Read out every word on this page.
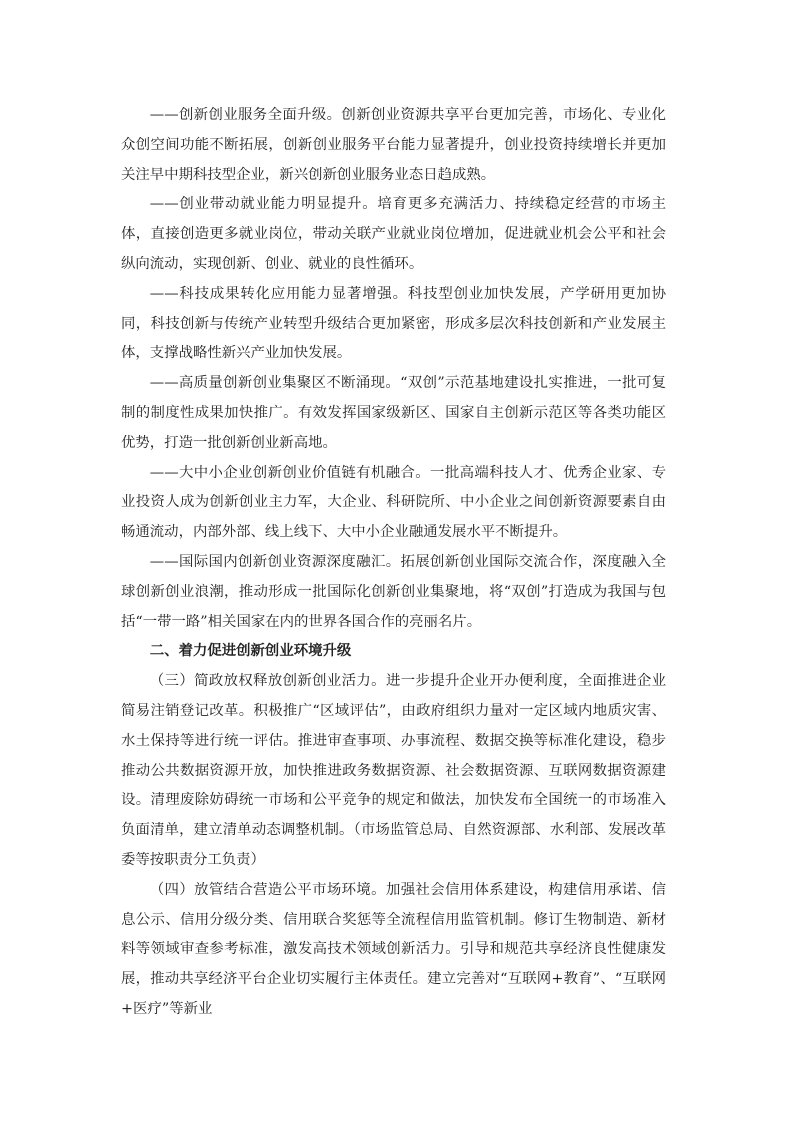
——创新创业服务全面升级。创新创业资源共享平台更加完善，市场化、专业化众创空间功能不断拓展，创新创业服务平台能力显著提升，创业投资持续增长并更加关注早中期科技型企业，新兴创新创业服务业态日趋成熟。

——创业带动就业能力明显提升。培育更多充满活力、持续稳定经营的市场主体，直接创造更多就业岗位，带动关联产业就业岗位增加，促进就业机会公平和社会纵向流动，实现创新、创业、就业的良性循环。

——科技成果转化应用能力显著增强。科技型创业加快发展，产学研用更加协同，科技创新与传统产业转型升级结合更加紧密，形成多层次科技创新和产业发展主体，支撑战略性新兴产业加快发展。

——高质量创新创业集聚区不断涌现。“双创”示范基地建设扎实推进，一批可复制的制度性成果加快推广。有效发挥国家级新区、国家自主创新示范区等各类功能区优势，打造一批创新创业新高地。

——大中小企业创新创业价值链有机融合。一批高端科技人才、优秀企业家、专业投资人成为创新创业主力军，大企业、科研院所、中小企业之间创新资源要素自由畅通流动，内部外部、线上线下、大中小企业融通发展水平不断提升。

——国际国内创新创业资源深度融汇。拓展创新创业国际交流合作，深度融入全球创新创业浪潮，推动形成一批国际化创新创业集聚地，将“双创”打造成为我国与包括“一带一路”相关国家在内的世界各国合作的亮丽名片。

二、着力促进创新创业环境升级

（三）简政放权释放创新创业活力。进一步提升企业开办便利度，全面推进企业简易注销登记改革。积极推广“区域评估”，由政府组织力量对一定区域内地质灾害、水土保持等进行统一评估。推进审查事项、办事流程、数据交换等标准化建设，稳步推动公共数据资源开放，加快推进政务数据资源、社会数据资源、互联网数据资源建设。清理废除妨碍统一市场和公平竞争的规定和做法，加快发布全国统一的市场准入负面清单，建立清单动态调整机制。（市场监管总局、自然资源部、水利部、发展改革委等按职责分工负责）

（四）放管结合营造公平市场环境。加强社会信用体系建设，构建信用承诺、信息公示、信用分级分类、信用联合奖惩等全流程信用监管机制。修订生物制造、新材料等领域审查参考标准，激发高技术领域创新活力。引导和规范共享经济良性健康发展，推动共享经济平台企业切实履行主体责任。建立完善对“互联网+教育”、“互联网+医疗”等新业
